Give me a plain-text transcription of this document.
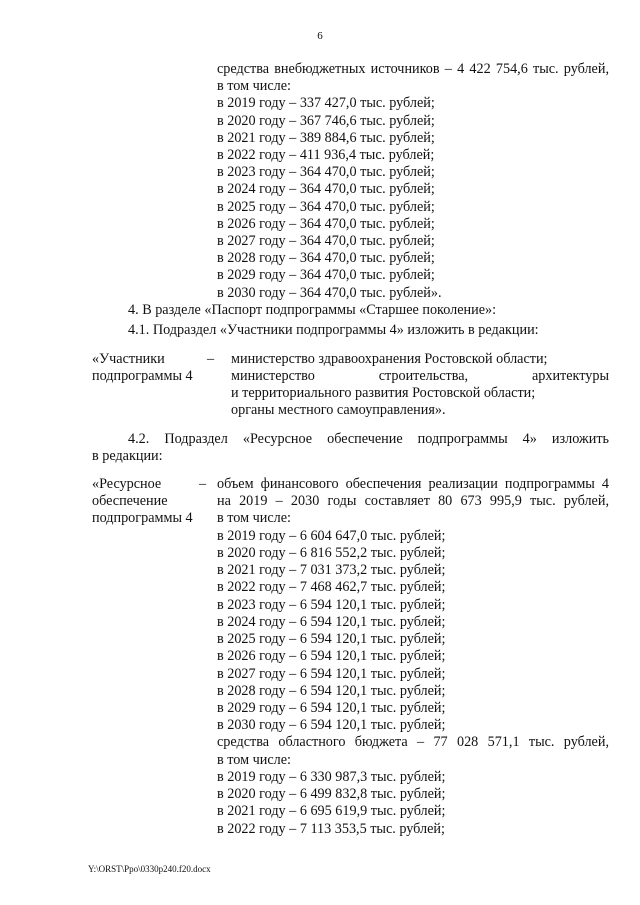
6
средства внебюджетных источников – 4 422 754,6 тыс. рублей,
в том числе:
в 2019 году – 337 427,0 тыс. рублей;
в 2020 году – 367 746,6 тыс. рублей;
в 2021 году – 389 884,6 тыс. рублей;
в 2022 году – 411 936,4 тыс. рублей;
в 2023 году – 364 470,0 тыс. рублей;
в 2024 году – 364 470,0 тыс. рублей;
в 2025 году – 364 470,0 тыс. рублей;
в 2026 году – 364 470,0 тыс. рублей;
в 2027 году – 364 470,0 тыс. рублей;
в 2028 году – 364 470,0 тыс. рублей;
в 2029 году – 364 470,0 тыс. рублей;
в 2030 году – 364 470,0 тыс. рублей».
4. В разделе «Паспорт подпрограммы «Старшее поколение»:
4.1. Подраздел «Участники подпрограммы 4» изложить в редакции:
«Участники
подпрограммы 4
– министерство здравоохранения Ростовской области;
министерство строительства, архитектуры
и территориального развития Ростовской области;
органы местного самоуправления».
4.2. Подраздел «Ресурсное обеспечение подпрограммы 4» изложить
в редакции:
«Ресурсное
обеспечение
подпрограммы 4
– объем финансового обеспечения реализации подпрограммы 4
на 2019 – 2030 годы составляет 80 673 995,9 тыс. рублей,
в том числе:
в 2019 году – 6 604 647,0 тыс. рублей;
в 2020 году – 6 816 552,2 тыс. рублей;
в 2021 году – 7 031 373,2 тыс. рублей;
в 2022 году – 7 468 462,7 тыс. рублей;
в 2023 году – 6 594 120,1 тыс. рублей;
в 2024 году – 6 594 120,1 тыс. рублей;
в 2025 году – 6 594 120,1 тыс. рублей;
в 2026 году – 6 594 120,1 тыс. рублей;
в 2027 году – 6 594 120,1 тыс. рублей;
в 2028 году – 6 594 120,1 тыс. рублей;
в 2029 году – 6 594 120,1 тыс. рублей;
в 2030 году – 6 594 120,1 тыс. рублей;
средства областного бюджета – 77 028 571,1 тыс. рублей,
в том числе:
в 2019 году – 6 330 987,3 тыс. рублей;
в 2020 году – 6 499 832,8 тыс. рублей;
в 2021 году – 6 695 619,9 тыс. рублей;
в 2022 году – 7 113 353,5 тыс. рублей;
Y:\ORST\Ppo\0330p240.f20.docx
